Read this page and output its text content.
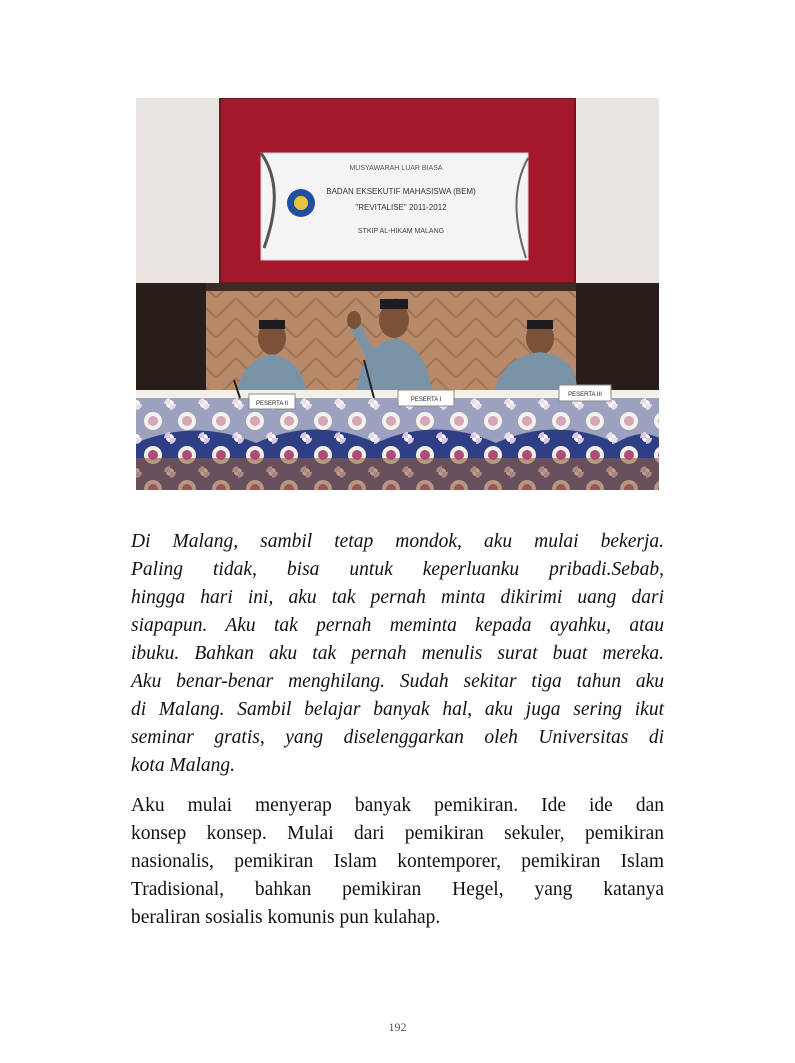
MUSYAWARAH LUAR BIASA
BADAN EKSEKUTIF MAHASISWA (BEM)
"REVITALISE" 2011-2012
STKIP AL-HIKAM MALANG
PESERTA II
PESERTA I
PESERTA III
Di Malang, sambil tetap mondok, aku mulai bekerja.
Paling tidak, bisa untuk keperluanku pribadi.Sebab,
hingga hari ini, aku tak pernah minta dikirimi uang dari
siapapun. Aku tak pernah meminta kepada ayahku, atau
ibuku. Bahkan aku tak pernah menulis surat buat mereka.
Aku benar-benar menghilang. Sudah sekitar tiga tahun aku
di Malang. Sambil belajar banyak hal, aku juga sering ikut
seminar gratis, yang diselenggarkan oleh Universitas di
kota Malang.
Aku mulai menyerap banyak pemikiran. Ide ide dan
konsep konsep. Mulai dari pemikiran sekuler, pemikiran
nasionalis, pemikiran Islam kontemporer, pemikiran Islam
Tradisional, bahkan pemikiran Hegel, yang katanya
beraliran sosialis komunis pun kulahap.
192
